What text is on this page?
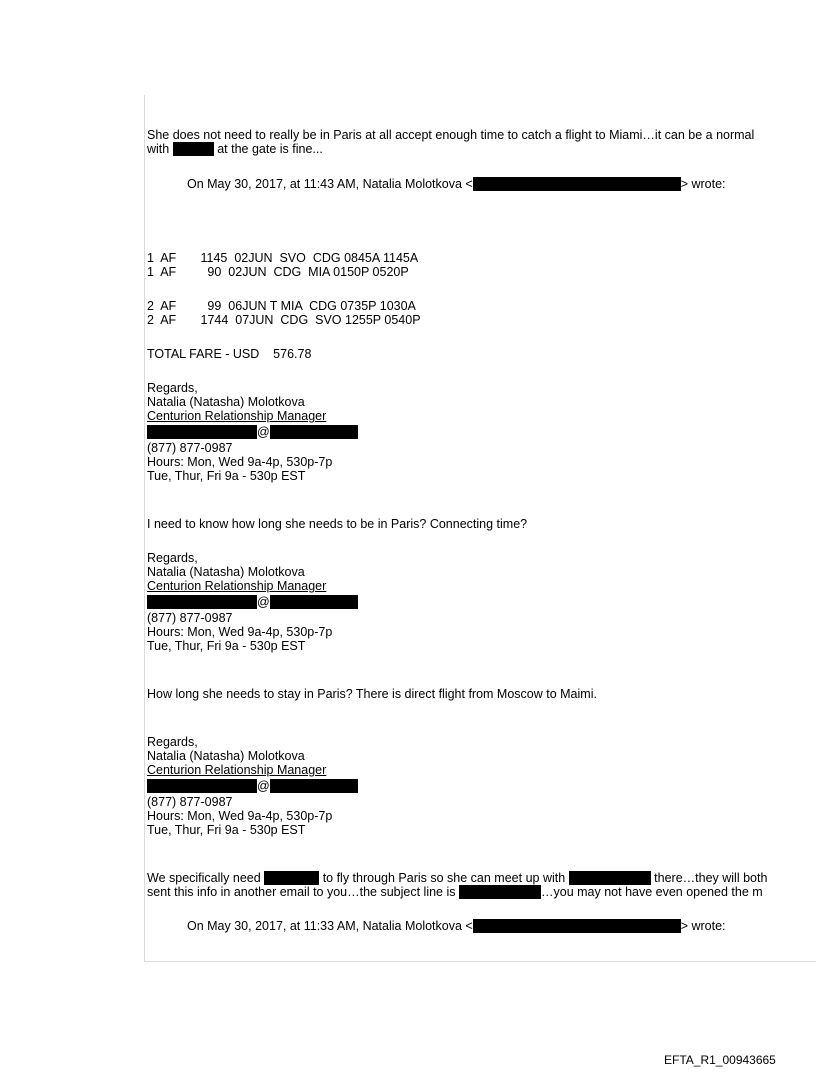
She does not need to really be in Paris at all accept enough time to catch a flight to Miami…it can be a normal
with	at the gate is fine...
On May 30, 2017, at 11:43 AM, Natalia Molotkova <	> wrote:
1  AF       1145  02JUN  SVO  CDG 0845A 1145A
1  AF         90  02JUN  CDG  MIA 0150P 0520P
2  AF         99  06JUN T MIA  CDG 0735P 1030A
2  AF       1744  07JUN  CDG  SVO 1255P 0540P
TOTAL FARE - USD    576.78
Regards,
Natalia (Natasha) Molotkova
Centurion Relationship Manager
@
(877) 877-0987
Hours: Mon, Wed 9a-4p, 530p-7p
Tue, Thur, Fri 9a - 530p EST
I need to know how long she needs to be in Paris? Connecting time?
Regards,
Natalia (Natasha) Molotkova
Centurion Relationship Manager
@
(877) 877-0987
Hours: Mon, Wed 9a-4p, 530p-7p
Tue, Thur, Fri 9a - 530p EST
How long she needs to stay in Paris? There is direct flight from Moscow to Maimi.
Regards,
Natalia (Natasha) Molotkova
Centurion Relationship Manager
@
(877) 877-0987
Hours: Mon, Wed 9a-4p, 530p-7p
Tue, Thur, Fri 9a - 530p EST
We specifically need	to fly through Paris so she can meet up with	there…they will both
sent this info in another email to you…the subject line is	…you may not have even opened the m
On May 30, 2017, at 11:33 AM, Natalia Molotkova <	> wrote:
EFTA_R1_00943665
